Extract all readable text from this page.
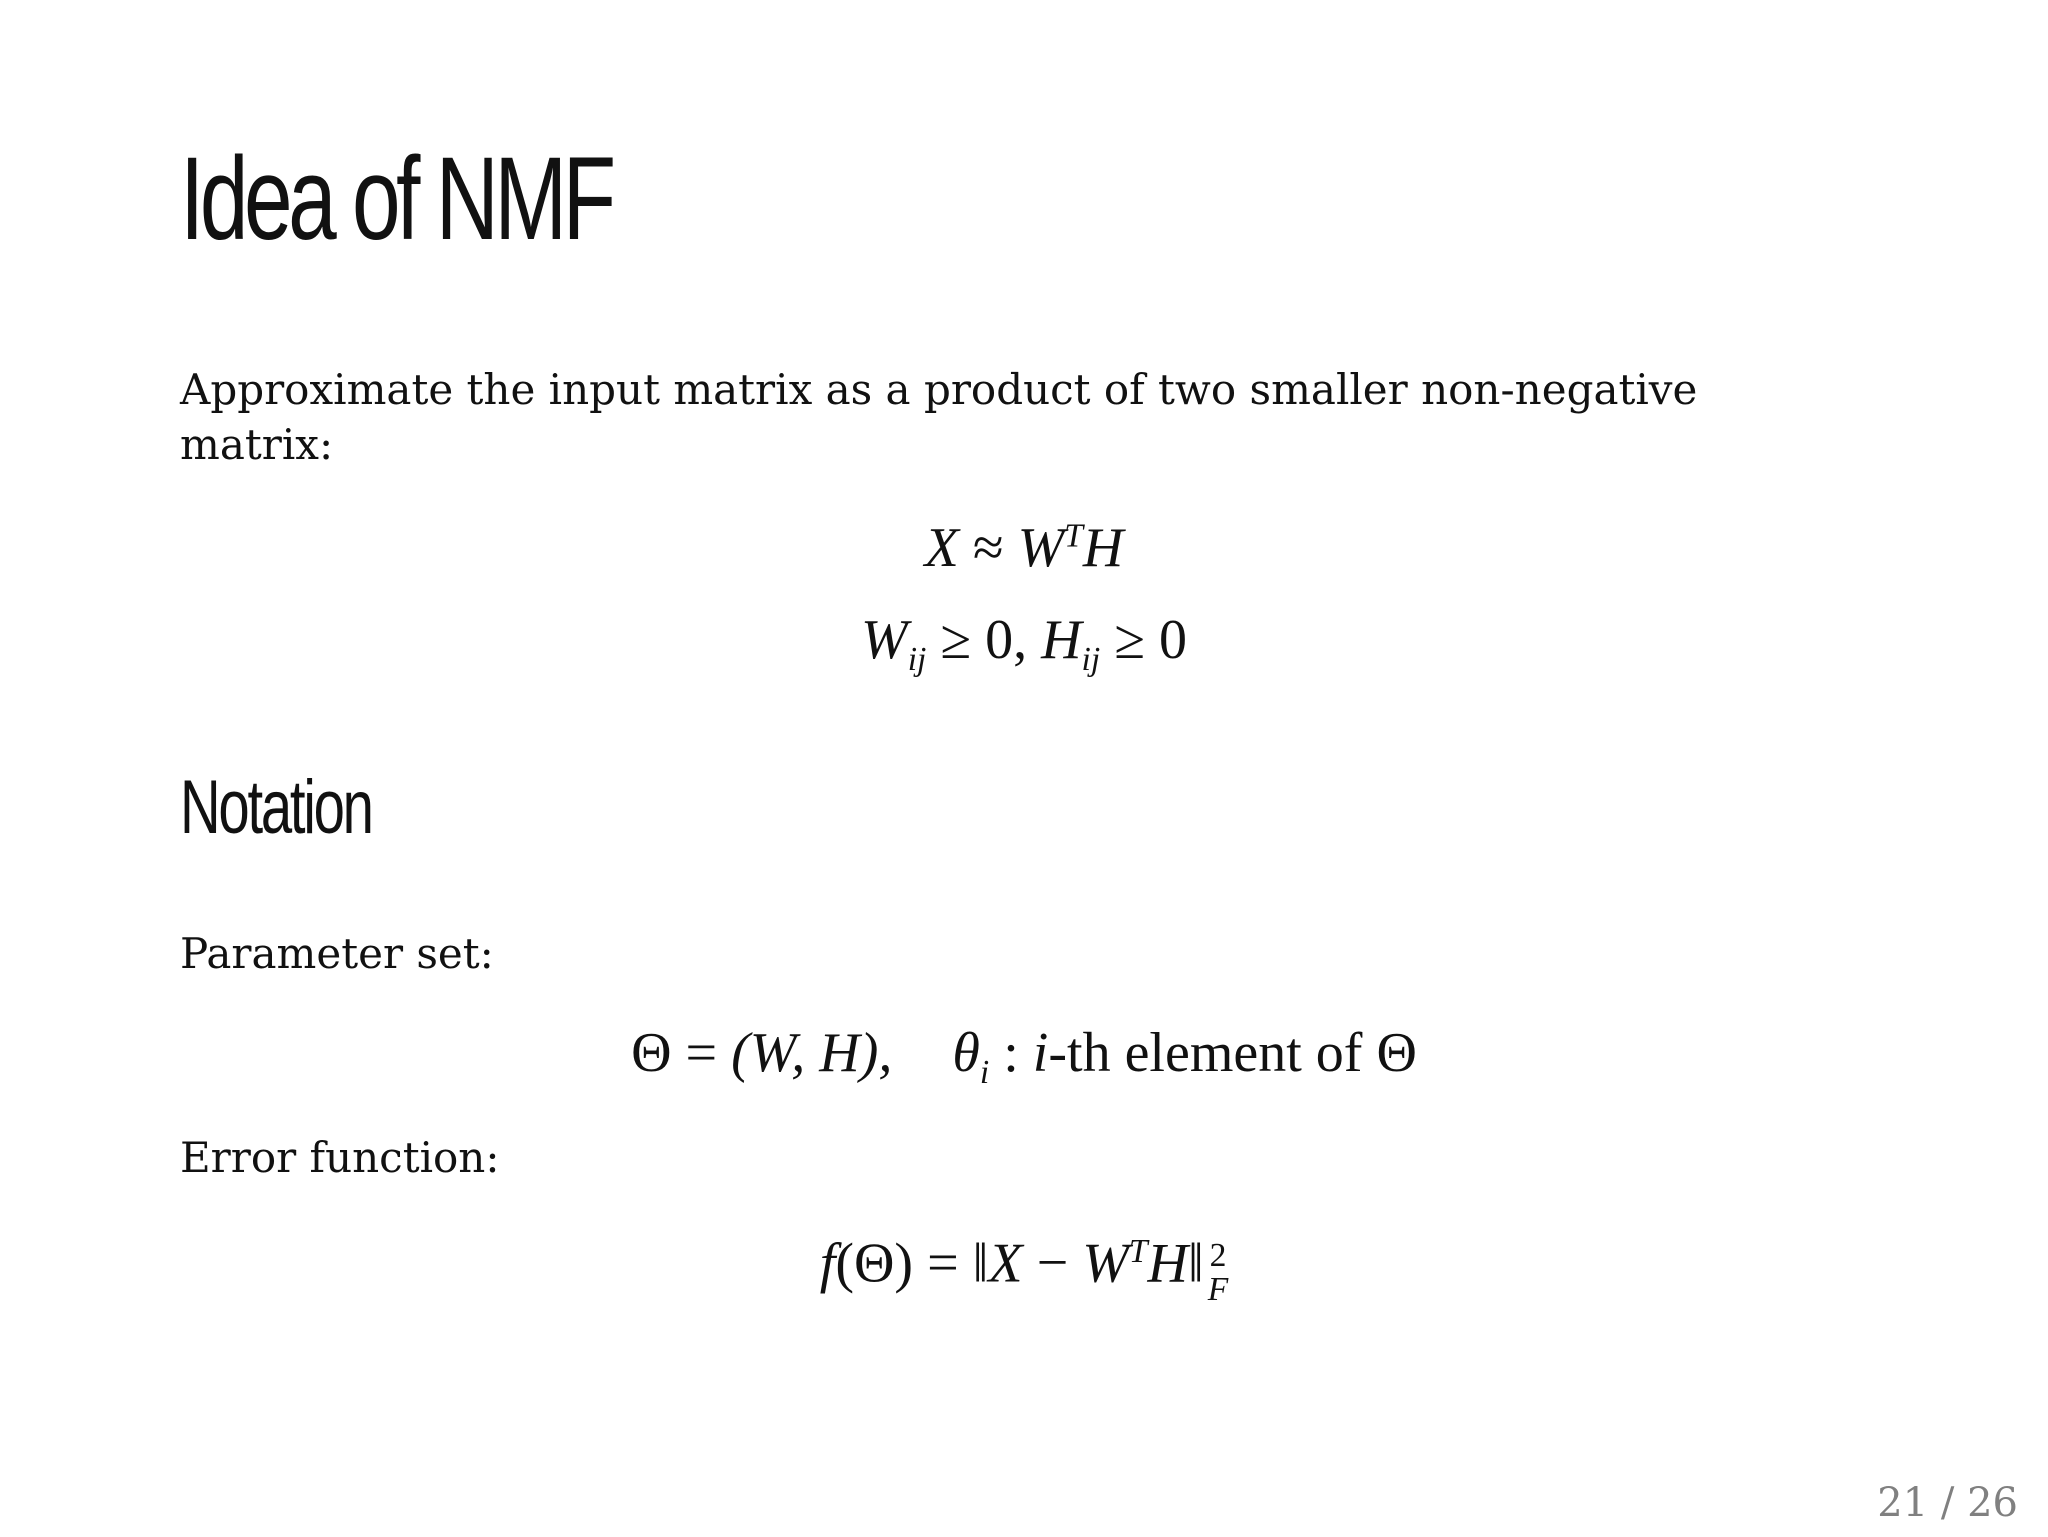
Idea of NMF

Approximate the input matrix as a product of two smaller non-negative matrix:

$X \approx W^TH$
$W_{ij} \ge 0$, $H_{ij} \ge 0$
Notation

Parameter set:

Θ = (W, H), $\theta_i$ : i-th element of Θ

Error function:

f(Θ) = ‖X − $W^TH‖$ 2
F
21 / 26
